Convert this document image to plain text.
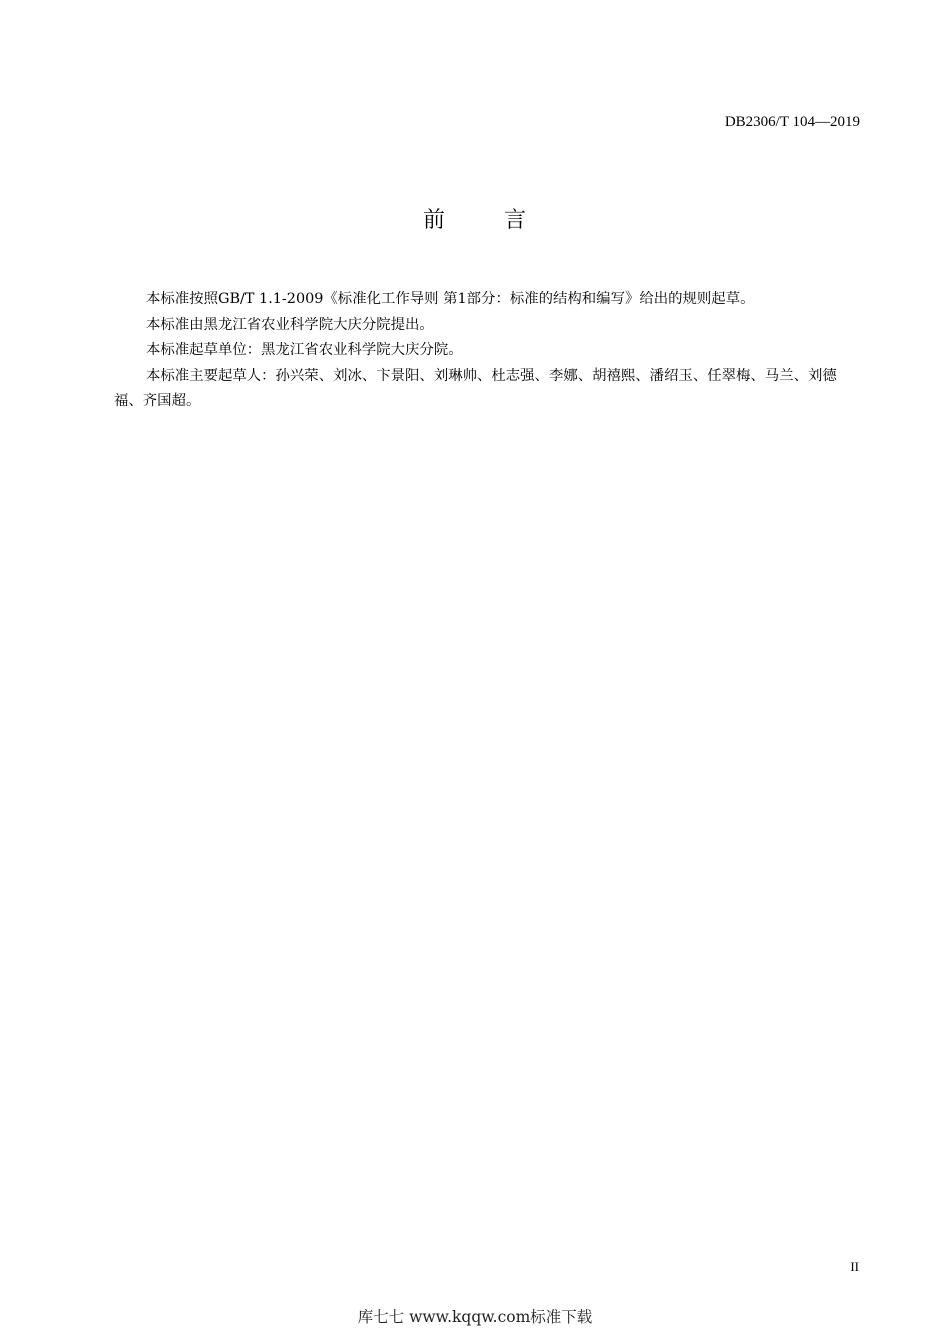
DB2306/T 104—2019
前	言

本标准按照GB/T 1.1-2009《标准化工作导则 第1部分：标准的结构和编写》给出的规则起草。

本标准由黑龙江省农业科学院大庆分院提出。

本标准起草单位：黑龙江省农业科学院大庆分院。

本标准主要起草人：孙兴荣、刘冰、卞景阳、刘琳帅、杜志强、李娜、胡禧熙、潘绍玉、任翠梅、马兰、刘德福、齐国超。

II
库七七 www.kqqw.com标准下载
